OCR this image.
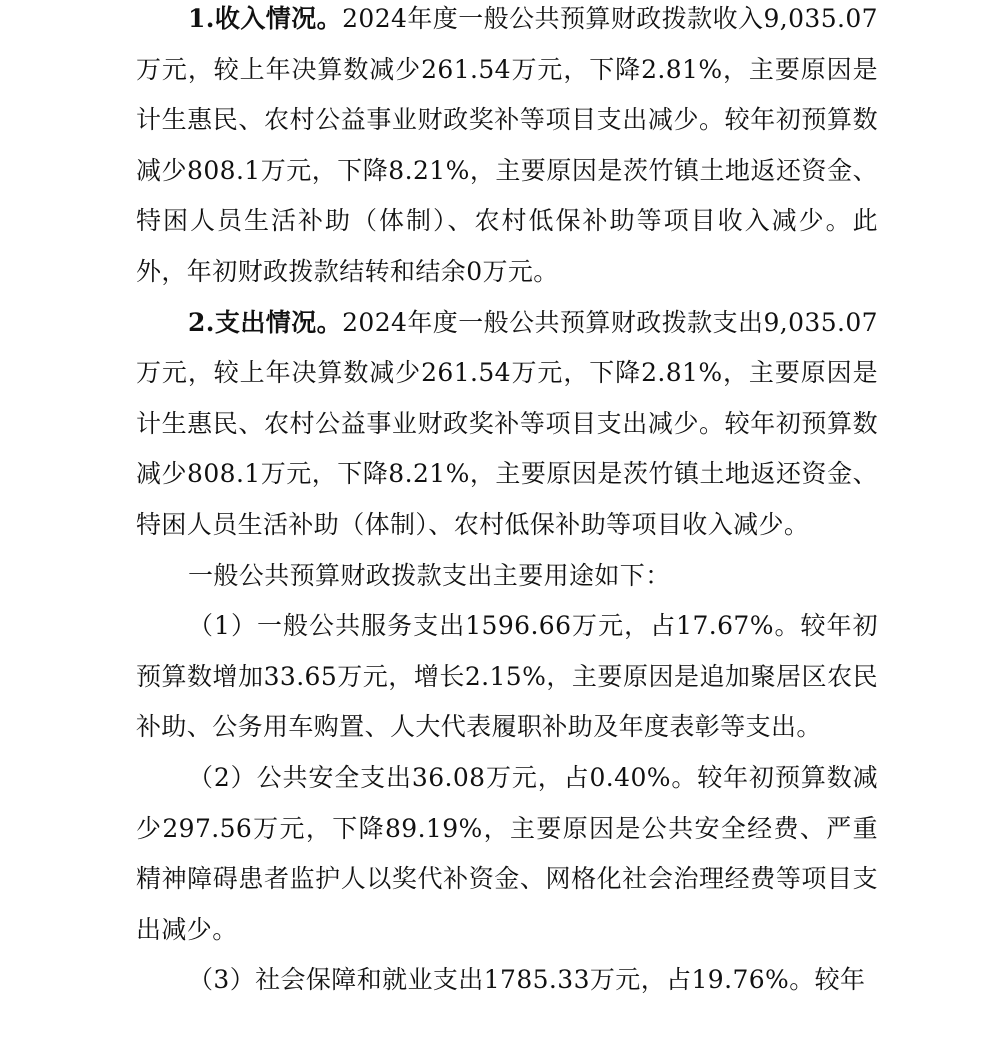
1.收入情况。2024年度一般公共预算财政拨款收入9,035.07万元，较上年决算数减少261.54万元，下降2.81%，主要原因是计生惠民、农村公益事业财政奖补等项目支出减少。较年初预算数减少808.1万元，下降8.21%，主要原因是茨竹镇土地返还资金、特困人员生活补助（体制）、农村低保补助等项目收入减少。此外，年初财政拨款结转和结余0万元。

2.支出情况。2024年度一般公共预算财政拨款支出9,035.07万元，较上年决算数减少261.54万元，下降2.81%，主要原因是计生惠民、农村公益事业财政奖补等项目支出减少。较年初预算数减少808.1万元，下降8.21%，主要原因是茨竹镇土地返还资金、特困人员生活补助（体制）、农村低保补助等项目收入减少。

一般公共预算财政拨款支出主要用途如下：

（1）一般公共服务支出1596.66万元，占17.67%。较年初预算数增加33.65万元，增长2.15%，主要原因是追加聚居区农民补助、公务用车购置、人大代表履职补助及年度表彰等支出。

（2）公共安全支出36.08万元，占0.40%。较年初预算数减少297.56万元，下降89.19%，主要原因是公共安全经费、严重精神障碍患者监护人以奖代补资金、网格化社会治理经费等项目支出减少。

（3）社会保障和就业支出1785.33万元，占19.76%。较年
